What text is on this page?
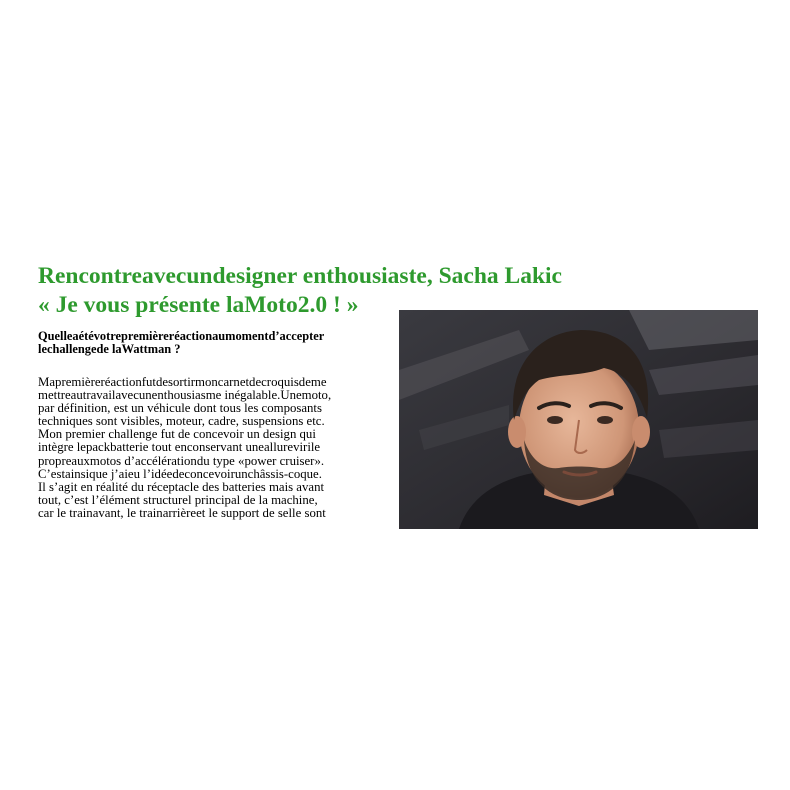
Rencontreavecundesigner enthousiaste, Sacha Lakic
« Je vous présente laMoto2.0 ! »

Quelleaétévotrepremièreréactionaumomentd’accepter
lechallengede laWattman ?

Mapremièreréactionfutdesortirmoncarnetdecroquisdeme
mettreautravailavecunenthousiasme inégalable.Unemoto,
par définition, est un véhicule dont tous les composants
techniques sont visibles, moteur, cadre, suspensions etc.
Mon premier challenge fut de concevoir un design qui
intègre lepackbatterie tout enconservant uneallurevirile
propreauxmotos d’accélérationdu type «power cruiser».
C’estainsique j’aieu l’idéedeconcevoirunchâssis-coque.
Il s’agit en réalité du réceptacle des batteries mais avant
tout, c’est l’élément structurel principal de la machine,
car le trainavant, le trainarrièreet le support de selle sont
